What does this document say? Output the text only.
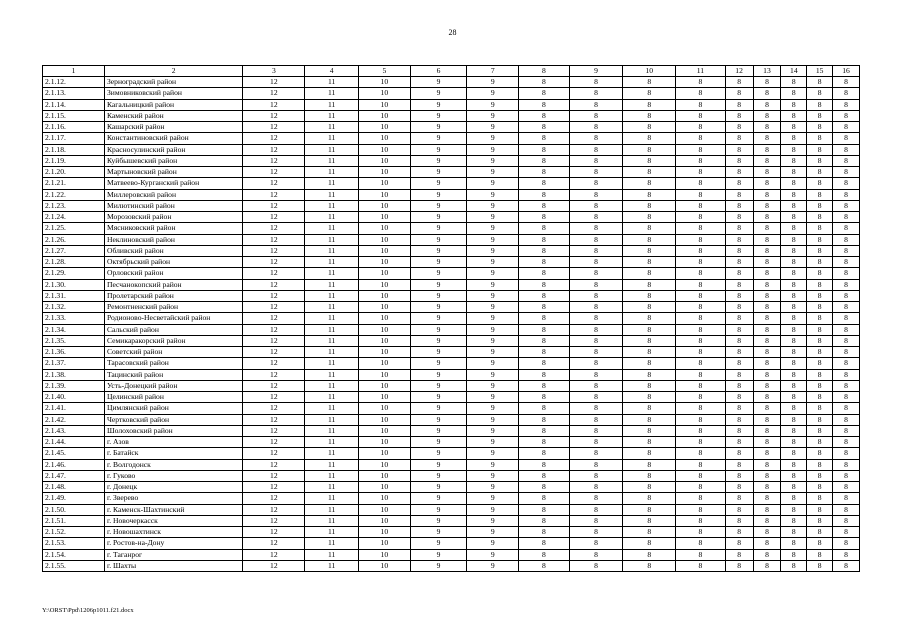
28
1	2	3	4	5	6	7	8	9	10	11	12	13	14	15	16
2.1.12.	Зерноградский район	12	11	10	9	9	8	8	8	8	8	8	8	8	8
2.1.13.	Зимовниковский район	12	11	10	9	9	8	8	8	8	8	8	8	8	8
2.1.14.	Кагальницкий район	12	11	10	9	9	8	8	8	8	8	8	8	8	8
2.1.15.	Каменский район	12	11	10	9	9	8	8	8	8	8	8	8	8	8
2.1.16.	Кашарский район	12	11	10	9	9	8	8	8	8	8	8	8	8	8
2.1.17.	Константиновский район	12	11	10	9	9	8	8	8	8	8	8	8	8	8
2.1.18.	Красносулинский район	12	11	10	9	9	8	8	8	8	8	8	8	8	8
2.1.19.	Куйбышевский район	12	11	10	9	9	8	8	8	8	8	8	8	8	8
2.1.20.	Мартыновский район	12	11	10	9	9	8	8	8	8	8	8	8	8	8
2.1.21.	Матвеево-Курганский район	12	11	10	9	9	8	8	8	8	8	8	8	8	8
2.1.22.	Миллеровский район	12	11	10	9	9	8	8	8	8	8	8	8	8	8
2.1.23.	Милютинский район	12	11	10	9	9	8	8	8	8	8	8	8	8	8
2.1.24.	Морозовский район	12	11	10	9	9	8	8	8	8	8	8	8	8	8
2.1.25.	Мясниковский район	12	11	10	9	9	8	8	8	8	8	8	8	8	8
2.1.26.	Неклиновский район	12	11	10	9	9	8	8	8	8	8	8	8	8	8
2.1.27.	Обливский район	12	11	10	9	9	8	8	8	8	8	8	8	8	8
2.1.28.	Октябрьский район	12	11	10	9	9	8	8	8	8	8	8	8	8	8
2.1.29.	Орловский район	12	11	10	9	9	8	8	8	8	8	8	8	8	8
2.1.30.	Песчанокопский район	12	11	10	9	9	8	8	8	8	8	8	8	8	8
2.1.31.	Пролетарский район	12	11	10	9	9	8	8	8	8	8	8	8	8	8
2.1.32.	Ремонтненский район	12	11	10	9	9	8	8	8	8	8	8	8	8	8
2.1.33.	Родионово-Несветайский район	12	11	10	9	9	8	8	8	8	8	8	8	8	8
2.1.34.	Сальский район	12	11	10	9	9	8	8	8	8	8	8	8	8	8
2.1.35.	Семикаракорский район	12	11	10	9	9	8	8	8	8	8	8	8	8	8
2.1.36.	Советский район	12	11	10	9	9	8	8	8	8	8	8	8	8	8
2.1.37.	Тарасовский район	12	11	10	9	9	8	8	8	8	8	8	8	8	8
2.1.38.	Тацинский район	12	11	10	9	9	8	8	8	8	8	8	8	8	8
2.1.39.	Усть-Донецкий район	12	11	10	9	9	8	8	8	8	8	8	8	8	8
2.1.40.	Целинский район	12	11	10	9	9	8	8	8	8	8	8	8	8	8
2.1.41.	Цимлянский район	12	11	10	9	9	8	8	8	8	8	8	8	8	8
2.1.42.	Чертковский район	12	11	10	9	9	8	8	8	8	8	8	8	8	8
2.1.43.	Шолоховский район	12	11	10	9	9	8	8	8	8	8	8	8	8	8
2.1.44.	г. Азов	12	11	10	9	9	8	8	8	8	8	8	8	8	8
2.1.45.	г. Батайск	12	11	10	9	9	8	8	8	8	8	8	8	8	8
2.1.46.	г. Волгодонск	12	11	10	9	9	8	8	8	8	8	8	8	8	8
2.1.47.	г. Гуково	12	11	10	9	9	8	8	8	8	8	8	8	8	8
2.1.48.	г. Донецк	12	11	10	9	9	8	8	8	8	8	8	8	8	8
2.1.49.	г. Зверево	12	11	10	9	9	8	8	8	8	8	8	8	8	8
2.1.50.	г. Каменск-Шахтинский	12	11	10	9	9	8	8	8	8	8	8	8	8	8
2.1.51.	г. Новочеркасск	12	11	10	9	9	8	8	8	8	8	8	8	8	8
2.1.52.	г. Новошахтинск	12	11	10	9	9	8	8	8	8	8	8	8	8	8
2.1.53.	г. Ростов-на-Дону	12	11	10	9	9	8	8	8	8	8	8	8	8	8
2.1.54.	г. Таганрог	12	11	10	9	9	8	8	8	8	8	8	8	8	8
2.1.55.	г. Шахты	12	11	10	9	9	8	8	8	8	8	8	8	8	8
Y:\ORST\Ppd\1206p1011.f21.docx
